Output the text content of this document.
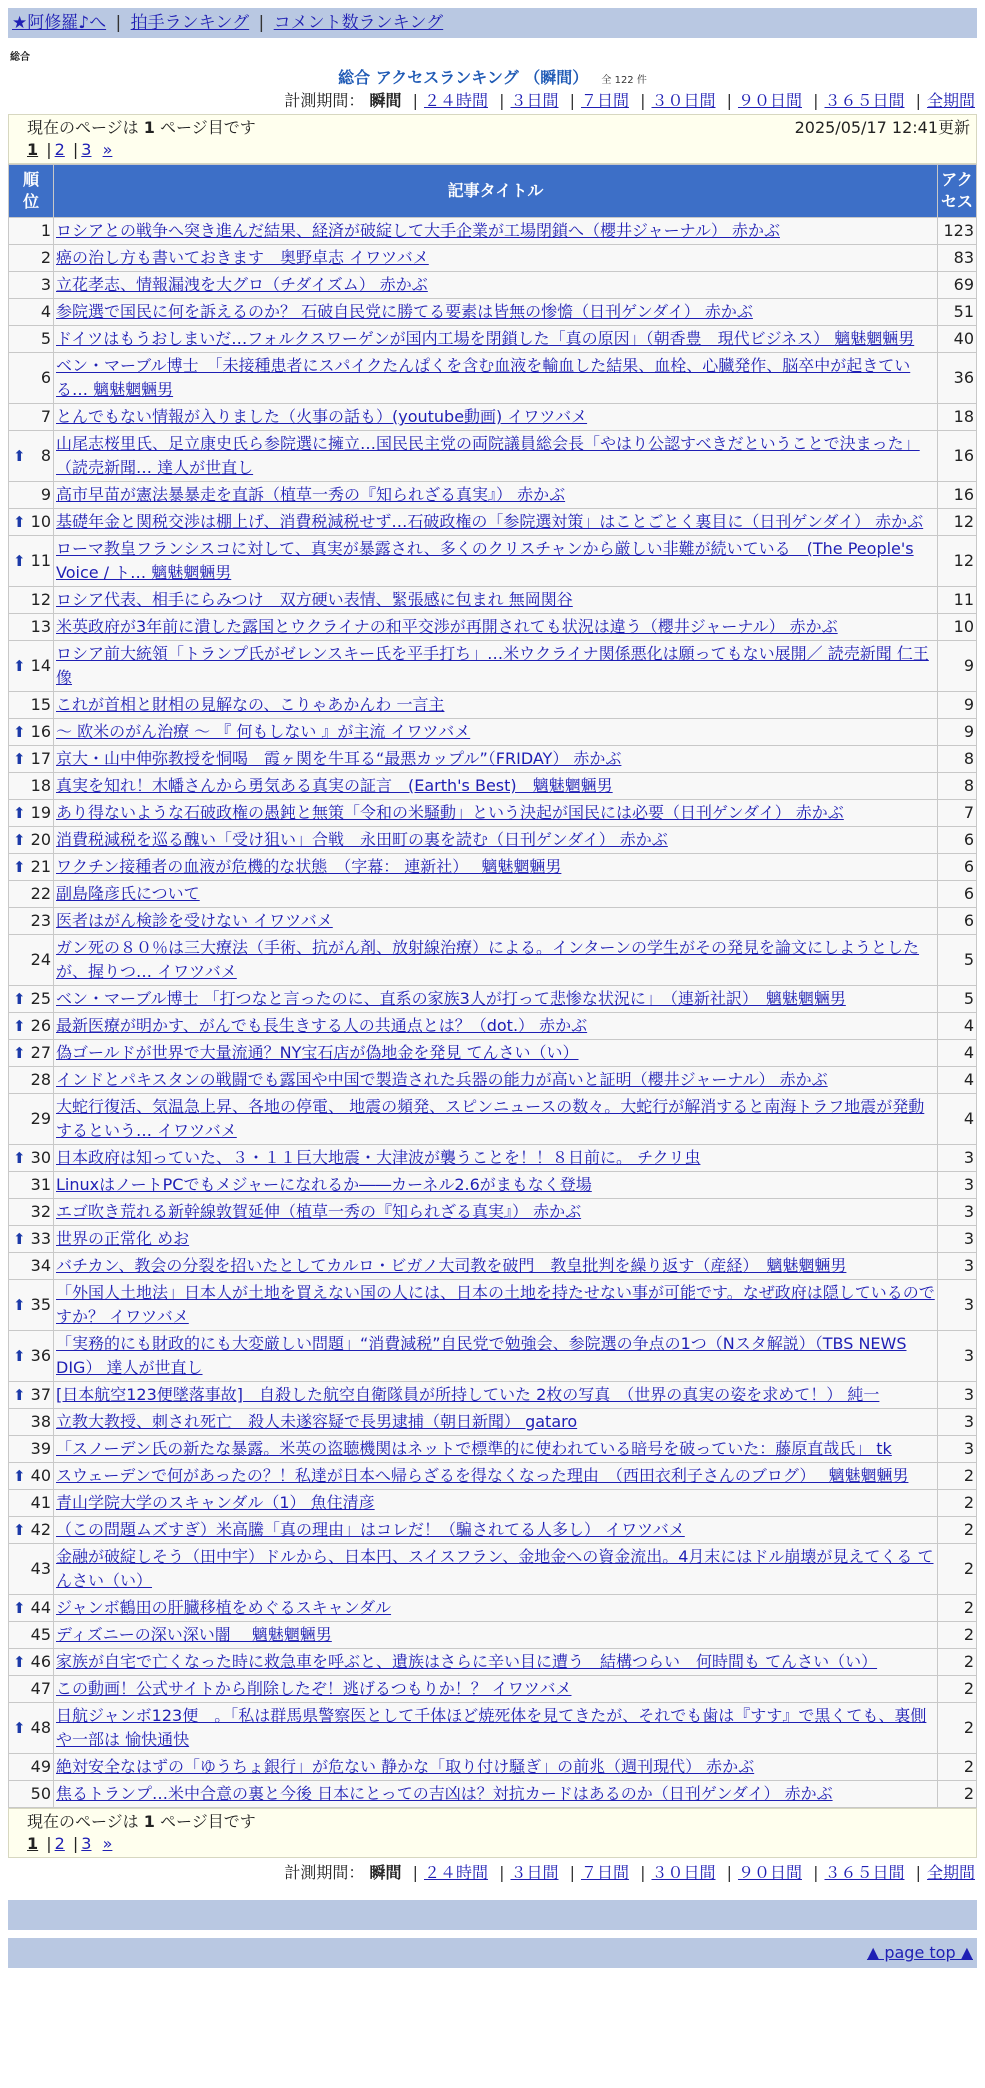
★阿修羅♪へ | 拍手ランキング | コメント数ランキング
総合
総合 アクセスランキング （瞬間） 全 122 件
計測期間： 瞬間 | ２４時間 | ３日間 | ７日間 | ３０日間 | ９０日間 | ３６５日間 | 全期間
現在のページは 1 ページ目です	2025/05/17 12:41更新
1 | 2 | 3 »
順
位	記事タイトル	アク
セス
1	ロシアとの戦争へ突き進んだ結果、経済が破綻して大手企業が工場閉鎖へ（櫻井ジャーナル） 赤かぶ	123
2	癌の治し方も書いておきます　奥野卓志 イワツバメ	83
3	立花孝志、情報漏洩を大グロ（チダイズム） 赤かぶ	69
4	参院選で国民に何を訴えるのか？ 石破自民党に勝てる要素は皆無の惨憺（日刊ゲンダイ） 赤かぶ	51
5	ドイツはもうおしまいだ…フォルクスワーゲンが国内工場を閉鎖した「真の原因」（朝香豊　現代ビジネス） 魑魅魍魎男	40
6	ベン・マーブル博士　「未接種患者にスパイクたんぱくを含む血液を輸血した結果、血栓、心臓発作、脳卒中が起きている… 魑魅魍魎男	36
7	とんでもない情報が入りました（火事の話も）(youtube動画) イワツバメ	18

⬆ 8	山尾志桜里氏、足立康史氏ら参院選に擁立…国民民主党の両院議員総会長「やはり公認すべきだということで決まった」（読売新聞… 達人が世直し	16
9	高市早苗が憲法暴暴走を直訴（植草一秀の『知られざる真実』） 赤かぶ	16

⬆ 10	基礎年金と関税交渉は棚上げ、消費税減税せず…石破政権の「参院選対策」はことごとく裏目に（日刊ゲンダイ） 赤かぶ	12

⬆ 11	ローマ教皇フランシスコに対して、真実が暴露され、多くのクリスチャンから厳しい非難が続いている　(The People's Voice / ト… 魑魅魍魎男	12
12	ロシア代表、相手にらみつけ　双方硬い表情、緊張感に包まれ 無岡関谷	11
13	米英政府が3年前に潰した露国とウクライナの和平交渉が再開されても状況は違う（櫻井ジャーナル） 赤かぶ	10

⬆ 14	ロシア前大統領「トランプ氏がゼレンスキー氏を平手打ち」…米ウクライナ関係悪化は願ってもない展開／ 読売新聞 仁王像	9
15	これが首相と財相の見解なの、こりゃあかんわ 一言主	9

⬆ 16	～ 欧米のがん治療 ～ 『 何もしない 』が主流 イワツバメ	9

⬆ 17	京大・山中伸弥教授を恫喝　霞ヶ関を牛耳る“最悪カップル”（FRIDAY） 赤かぶ	8
18	真実を知れ！木幡さんから勇気ある真実の証言　(Earth's Best)　魑魅魍魎男	8

⬆ 19	あり得ないような石破政権の愚鈍と無策「令和の米騒動」という決起が国民には必要（日刊ゲンダイ） 赤かぶ	7

⬆ 20	消費税減税を巡る醜い「受け狙い」合戦　永田町の裏を読む（日刊ゲンダイ） 赤かぶ	6

⬆ 21	ワクチン接種者の血液が危機的な状態　（字幕： 連新社）　 魑魅魍魎男	6
22	副島隆彦氏について	6
23	医者はがん検診を受けない イワツバメ	6
24	ガン死の８０％は三大療法（手術、抗がん剤、放射線治療）による。インターンの学生がその発見を論文にしようとしたが、握りつ… イワツバメ	5

⬆ 25	ベン・マーブル博士 「打つなと言ったのに、直系の家族3人が打って悲惨な状況に」　（連新社訳）　魑魅魍魎男	5

⬆ 26	最新医療が明かす、がんでも長生きする人の共通点とは？（dot.） 赤かぶ	4

⬆ 27	偽ゴールドが世界で大量流通？NY宝石店が偽地金を発見 てんさい（い）	4
28	インドとパキスタンの戦闘でも露国や中国で製造された兵器の能力が高いと証明（櫻井ジャーナル） 赤かぶ	4
29	大蛇行復活、気温急上昇、各地の停電、 地震の頻発、スピンニュースの数々。大蛇行が解消すると南海トラフ地震が発動するという… イワツバメ	4

⬆ 30	日本政府は知っていた、３・１１巨大地震・大津波が襲うことを！！８日前に。 チクリ虫	3
31	LinuxはノートPCでもメジャーになれるか――カーネル2.6がまもなく登場	3
32	エゴ吹き荒れる新幹線敦賀延伸（植草一秀の『知られざる真実』） 赤かぶ	3

⬆ 33	世界の正常化 めお	3
34	バチカン、教会の分裂を招いたとしてカルロ・ビガノ大司教を破門　教皇批判を繰り返す（産経）　魑魅魍魎男	3

⬆ 35	「外国人土地法」日本人が土地を買えない国の人には、日本の土地を持たせない事が可能です。なぜ政府は隠しているのですか？ イワツバメ	3

⬆ 36	「実務的にも財政的にも大変厳しい問題」“消費減税”自民党で勉強会、参院選の争点の1つ（Nスタ解説）（TBS NEWS DIG） 達人が世直し	3

⬆ 37	[日本航空123便墜落事故]　自殺した航空自衛隊員が所持していた 2枚の写真　（世界の真実の姿を求めて！） 純一	3
38	立教大教授、刺され死亡　殺人未遂容疑で長男逮捕（朝日新聞） gataro	3
39	「スノーデン氏の新たな暴露。米英の盗聴機関はネットで標準的に使われている暗号を破っていた：藤原直哉氏」 tk	3

⬆ 40	スウェーデンで何があったの？！私達が日本へ帰らざるを得なくなった理由　（西田衣利子さんのブログ）　 魑魅魍魎男	2
41	青山学院大学のスキャンダル（1） 魚住清彦	2

⬆ 42	（この問題ムズすぎ）米高騰「真の理由」はコレだ！（騙されてる人多し） イワツバメ	2
43	金融が破綻しそう（田中宇）ドルから、日本円、スイスフラン、金地金への資金流出。4月末にはドル崩壊が見えてくる てんさい（い）	2

⬆ 44	ジャンボ鶴田の肝臓移植をめぐるスキャンダル	2
45	ディズニーの深い深い闇　 魑魅魍魎男	2

⬆ 46	家族が自宅で亡くなった時に救急車を呼ぶと、遺族はさらに辛い目に遭う　結構つらい　何時間も てんさい（い）	2
47	この動画！公式サイトから削除したぞ！逃げるつもりか！？ イワツバメ	2

⬆ 48	日航ジャンボ123便　。「私は群馬県警察医として千体ほど焼死体を見てきたが、それでも歯は『すす』で黒くても、裏側や一部は 愉快通快	2
49	絶対安全なはずの「ゆうちょ銀行」が危ない 静かな「取り付け騒ぎ」の前兆（週刊現代） 赤かぶ	2
50	焦るトランプ…米中合意の裏と今後 日本にとっての吉凶は？対抗カードはあるのか（日刊ゲンダイ） 赤かぶ	2
現在のページは 1 ページ目です
1 | 2 | 3 »
計測期間： 瞬間 | ２４時間 | ３日間 | ７日間 | ３０日間 | ９０日間 | ３６５日間 | 全期間
▲ page top ▲
